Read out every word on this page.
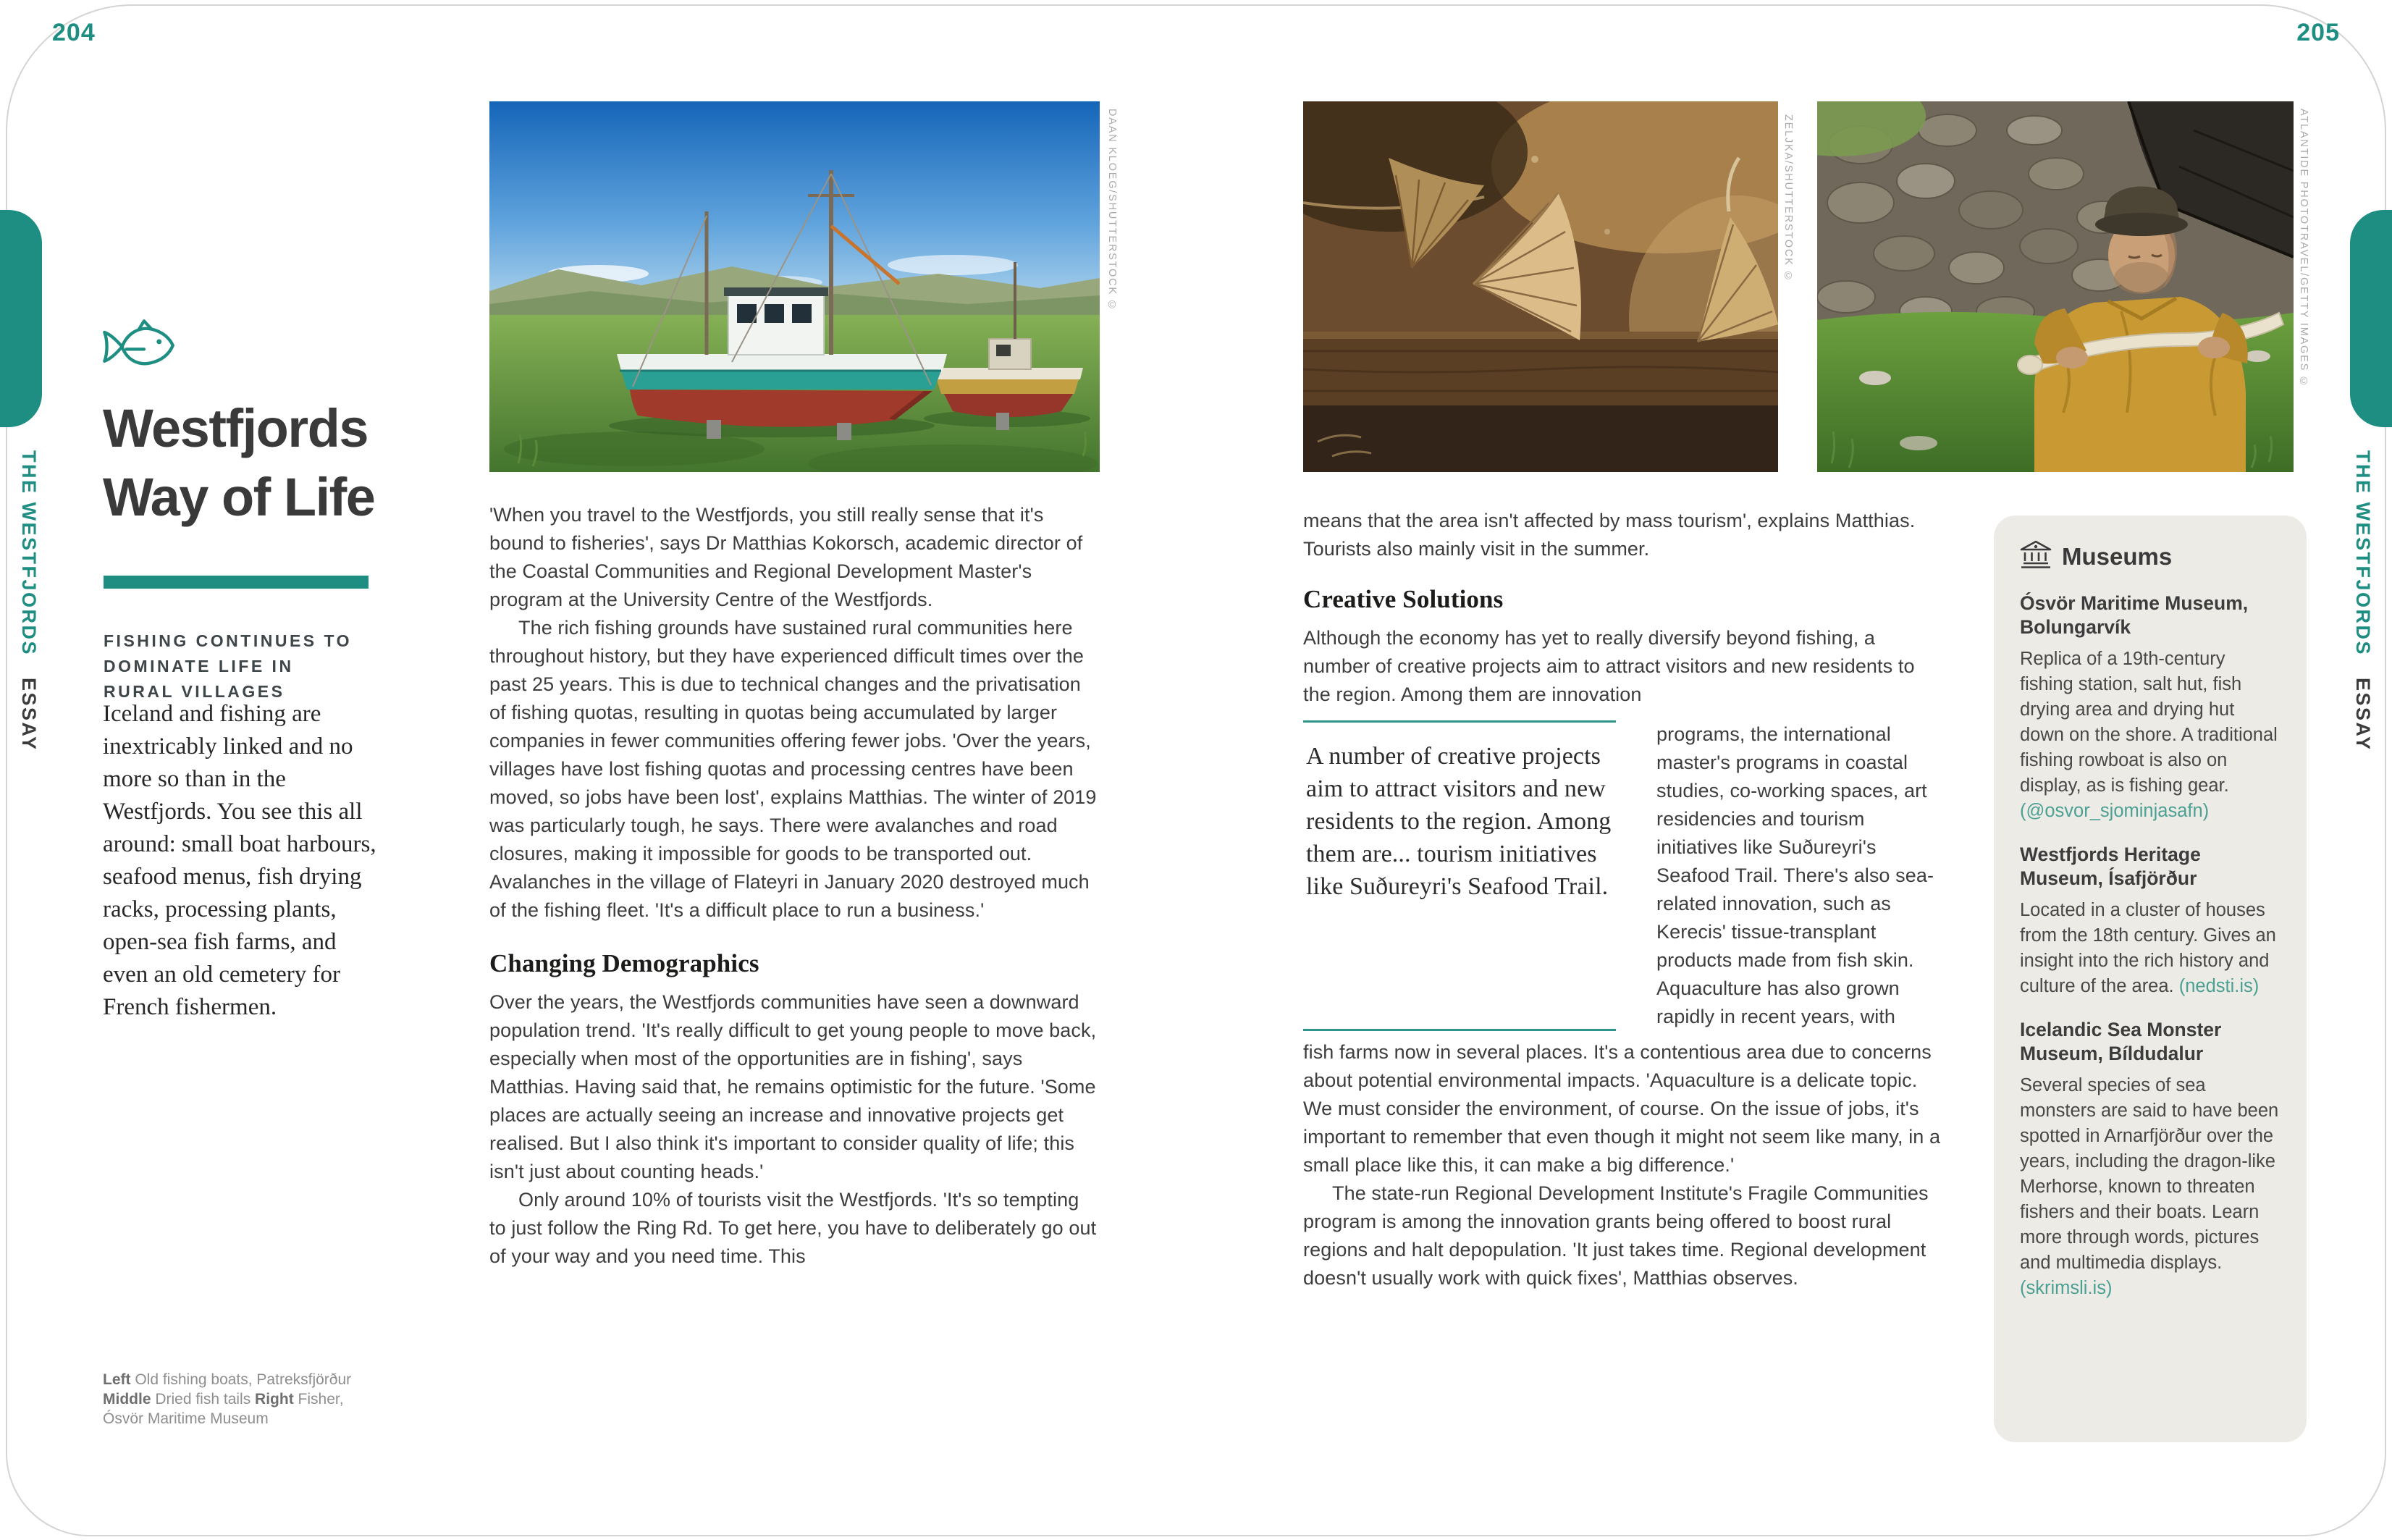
204	205
THE WESTFJORDSESSAY
THE WESTFJORDSESSAY
Westfjords
Way of Life
FISHING CONTINUES TO DOMINATE LIFE IN RURAL VILLAGES
Iceland and fishing are inextricably linked and no more so than in the Westfjords. You see this all around: small boat harbours, seafood menus, fish drying racks, processing plants, open-sea fish farms, and even an old cemetery for French fishermen.
Left Old fishing boats, Patreksfjörður Middle Dried fish tails Right Fisher, Ósvör Maritime Museum
DAAN KLOEG/SHUTTERSTOCK ©	ZELJKA/SHUTTERSTOCK ©	ATLANTIDE PHOTOTRAVEL/GETTY IMAGES ©

'When you travel to the Westfjords, you still really sense that it's bound to fisheries', says Dr Matthias Kokorsch, academic director of the Coastal Communities and Regional Development Master's program at the University Centre of the Westfjords.

The rich fishing grounds have sustained rural communities here throughout history, but they have experienced difficult times over the past 25 years. This is due to technical changes and the privatisation of fishing quotas, resulting in quotas being accumulated by larger companies in fewer communities offering fewer jobs. 'Over the years, villages have lost fishing quotas and processing centres have been moved, so jobs have been lost', explains Matthias. The winter of 2019 was particularly tough, he says. There were avalanches and road closures, making it impossible for goods to be transported out. Avalanches in the village of Flateyri in January 2020 destroyed much of the fishing fleet. 'It's a difficult place to run a business.'

Changing Demographics

Over the years, the Westfjords communities have seen a downward population trend. 'It's really difficult to get young people to move back, especially when most of the opportunities are in fishing', says Matthias. Having said that, he remains optimistic for the future. 'Some places are actually seeing an increase and innovative projects get realised. But I also think it's important to consider quality of life; this isn't just about counting heads.'

Only around 10% of tourists visit the Westfjords. 'It's so tempting to just follow the Ring Rd. To get here, you have to deliberately go out of your way and you need time. This

means that the area isn't affected by mass tourism', explains Matthias. Tourists also mainly visit in the summer.

Creative Solutions

Although the economy has yet to really diversify beyond fishing, a number of creative projects aim to attract visitors and new residents to the region. Among them are innovation

A number of creative projects aim to attract visitors and new residents to the region. Among them are... tourism initiatives like Suðureyri's Seafood Trail.
programs, the international master's programs in coastal studies, co-working spaces, art residencies and tourism initiatives like Suðureyri's Seafood Trail. There's also sea-related innovation, such as Kerecis' tissue-transplant products made from fish skin. Aquaculture has also grown rapidly in recent years, with

fish farms now in several places. It's a contentious area due to concerns about potential environmental impacts. 'Aquaculture is a delicate topic. We must consider the environment, of course. On the issue of jobs, it's important to remember that even though it might not seem like many, in a small place like this, it can make a big difference.'

The state-run Regional Development Institute's Fragile Communities program is among the innovation grants being offered to boost rural regions and halt depopulation. 'It just takes time. Regional development doesn't usually work with quick fixes', Matthias observes.

Museums
Ósvör Maritime Museum, Bolungarvík

Replica of a 19th-century fishing station, salt hut, fish drying area and drying hut down on the shore. A traditional fishing rowboat is also on display, as is fishing gear. (@osvor_sjominjasafn)

Westfjords Heritage Museum, Ísafjörður

Located in a cluster of houses from the 18th century. Gives an insight into the rich history and culture of the area. (nedsti.is)

Icelandic Sea Monster Museum, Bíldudalur

Several species of sea monsters are said to have been spotted in Arnarfjörður over the years, including the dragon-like Merhorse, known to threaten fishers and their boats. Learn more through words, pictures and multimedia displays. (skrimsli.is)
